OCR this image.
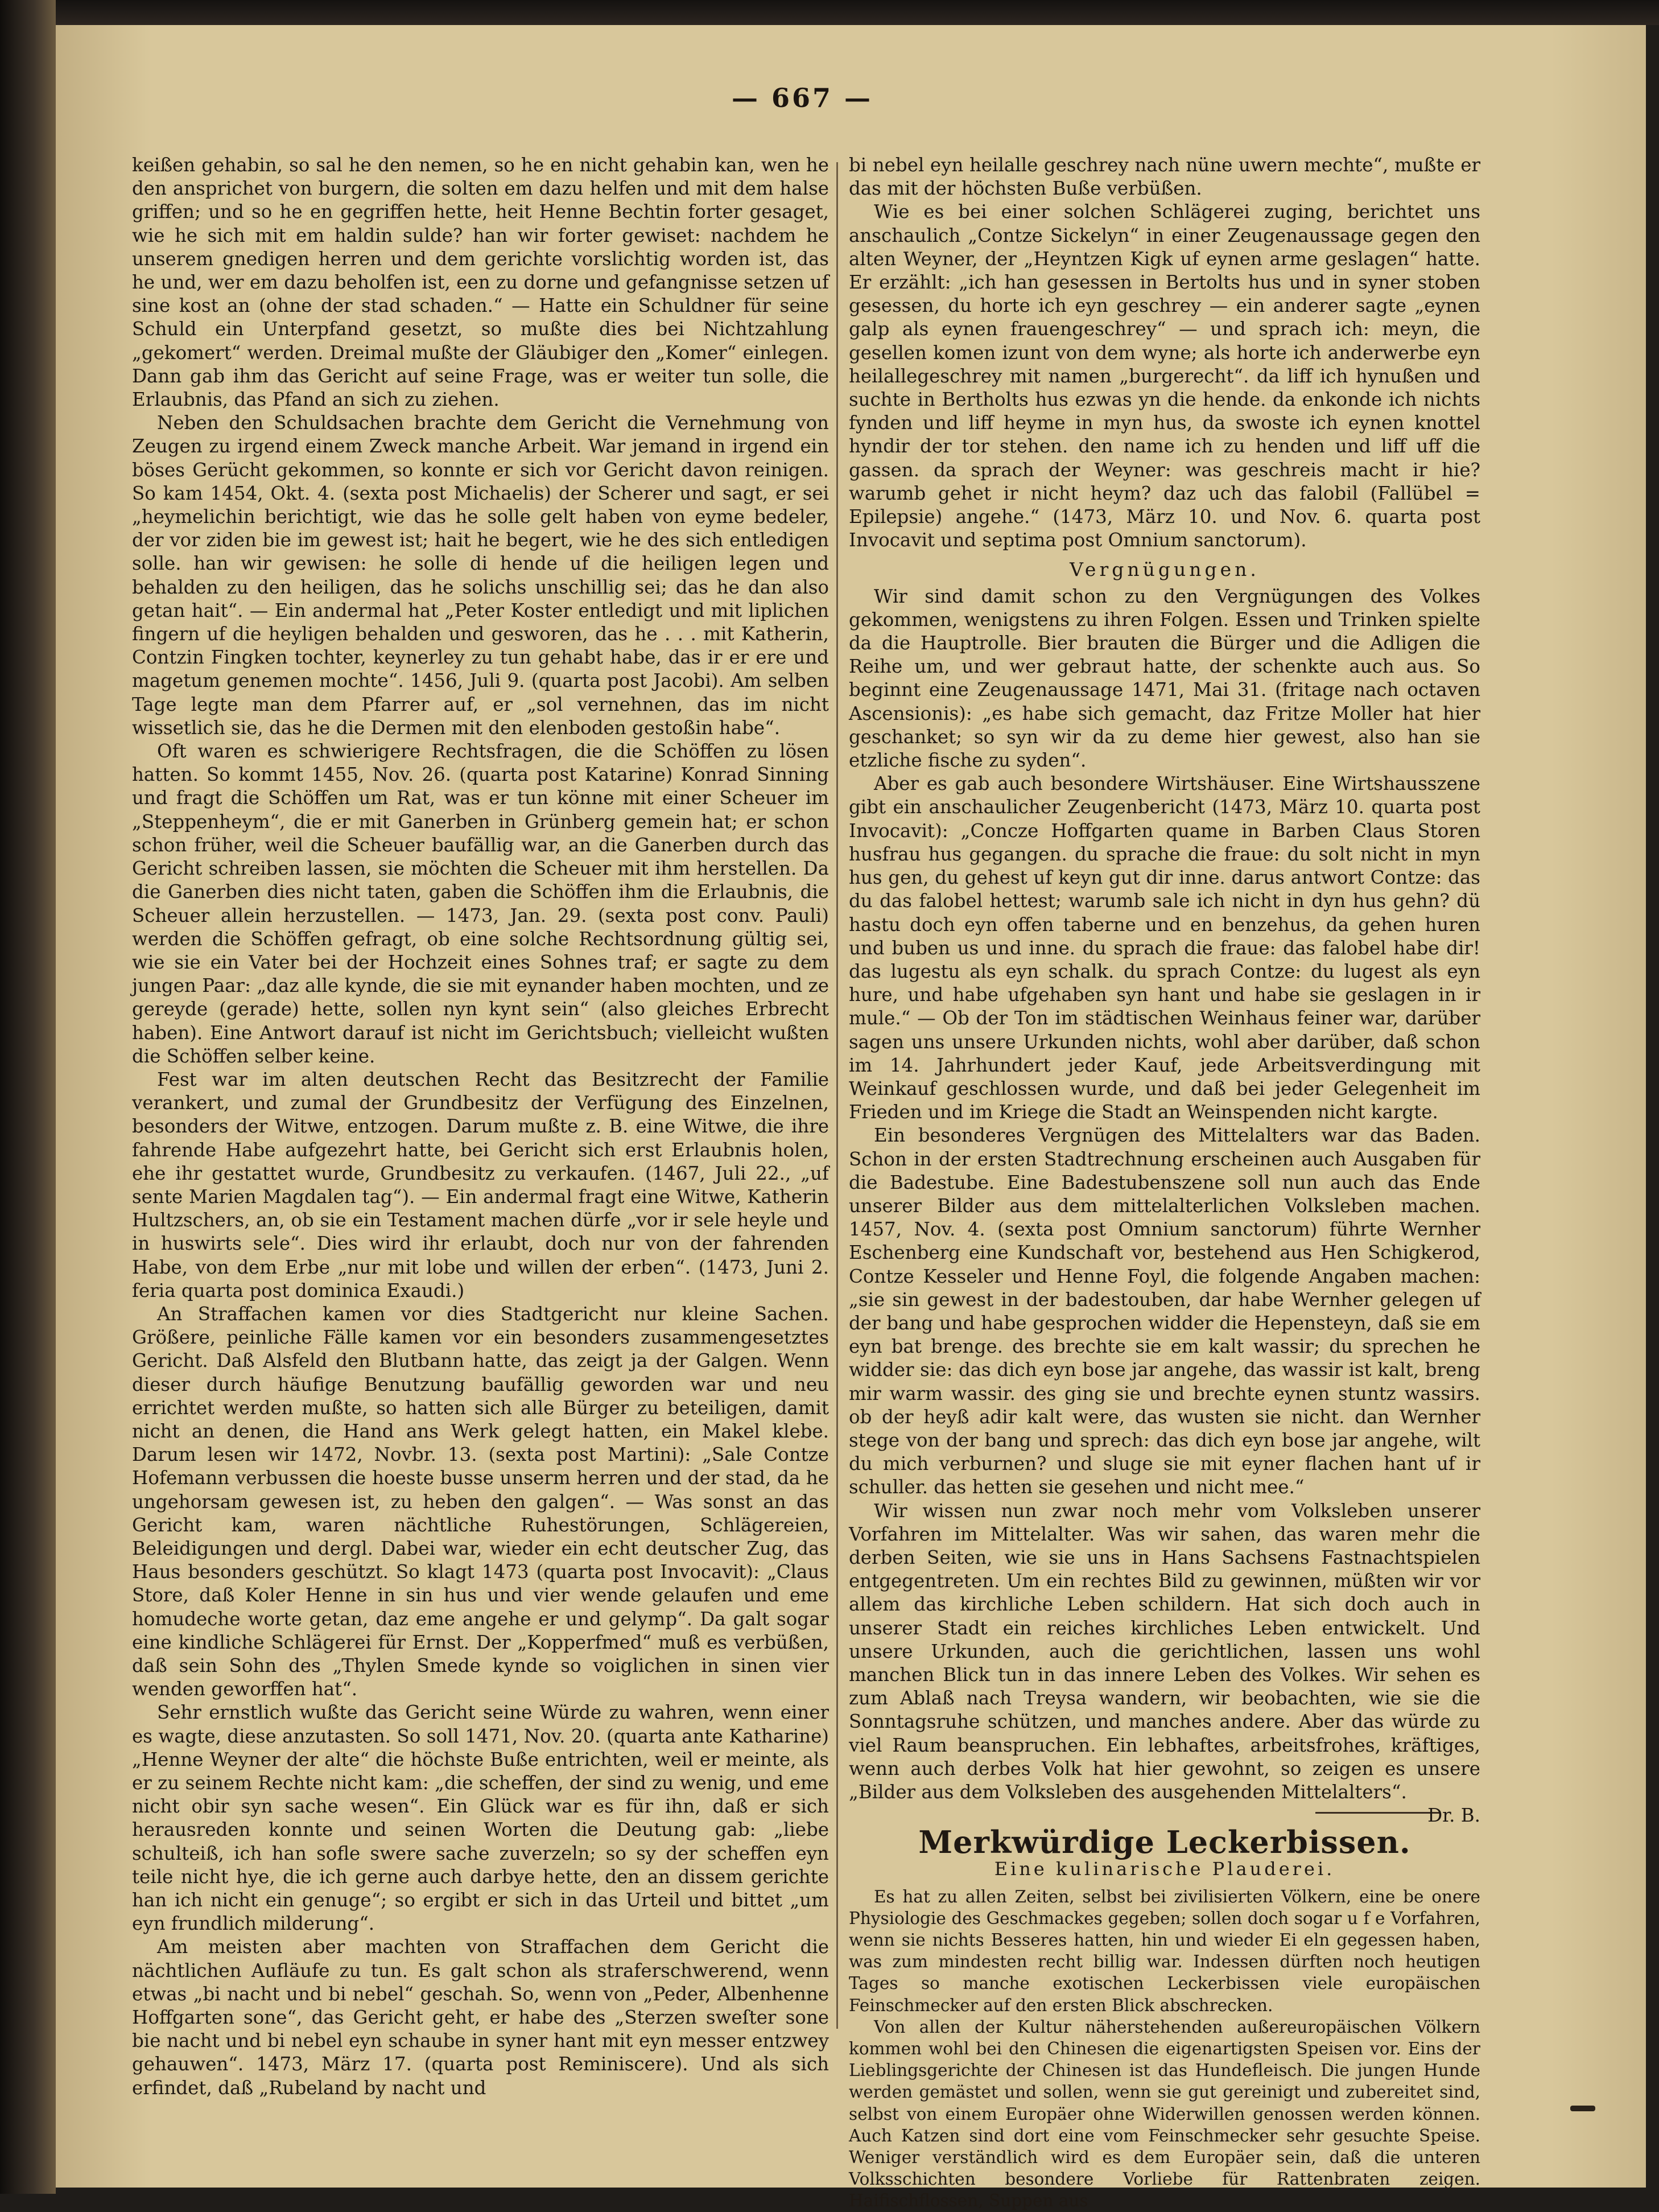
— 667 —

keißen gehabin, so sal he den nemen, so he en nicht gehabin kan, wen he den ansprichet von burgern, die solten em dazu helfen und mit dem halse griffen; und so he en gegriffen hette, heit Henne Bechtin forter gesaget, wie he sich mit em haldin sulde? han wir forter gewiset: nachdem he unserem gnedigen herren und dem gerichte vorslichtig worden ist, das he und, wer em dazu beholfen ist, een zu dorne und gefangnisse setzen uf sine kost an (ohne der stad schaden.“ — Hatte ein Schuldner für seine Schuld ein Unterpfand gesetzt, so mußte dies bei Nichtzahlung „gekomert“ werden. Dreimal mußte der Gläubiger den „Komer“ einlegen. Dann gab ihm das Gericht auf seine Frage, was er weiter tun solle, die Erlaubnis, das Pfand an sich zu ziehen.

Neben den Schuldsachen brachte dem Gericht die Vernehmung von Zeugen zu irgend einem Zweck manche Arbeit. War jemand in irgend ein böses Gerücht gekommen, so konnte er sich vor Gericht davon reinigen. So kam 1454, Okt. 4. (sexta post Michaelis) der Scherer und sagt, er sei „heymelichin berichtigt, wie das he solle gelt haben von eyme bedeler, der vor ziden bie im gewest ist; hait he begert, wie he des sich entledigen solle. han wir gewisen: he solle di hende uf die heiligen legen und behalden zu den heiligen, das he solichs unschillig sei; das he dan also getan hait“. — Ein andermal hat „Peter Koster entledigt und mit liplichen fingern uf die heyligen behalden und gesworen, das he . . . mit Katherin, Contzin Fingken tochter, keynerley zu tun gehabt habe, das ir er ere und magetum genemen mochte“. 1456, Juli 9. (quarta post Jacobi). Am selben Tage legte man dem Pfarrer auf, er „sol vernehnen, das im nicht wissetlich sie, das he die Dermen mit den elenboden gestoßin habe“.

Oft waren es schwierigere Rechtsfragen, die die Schöffen zu lösen hatten. So kommt 1455, Nov. 26. (quarta post Katarine) Konrad Sinning und fragt die Schöffen um Rat, was er tun könne mit einer Scheuer im „Steppenheym“, die er mit Ganerben in Grünberg gemein hat; er schon schon früher, weil die Scheuer baufällig war, an die Ganerben durch das Gericht schreiben lassen, sie möchten die Scheuer mit ihm herstellen. Da die Ganerben dies nicht taten, gaben die Schöffen ihm die Erlaubnis, die Scheuer allein herzustellen. — 1473, Jan. 29. (sexta post conv. Pauli) werden die Schöffen gefragt, ob eine solche Rechtsordnung gültig sei, wie sie ein Vater bei der Hochzeit eines Sohnes traf; er sagte zu dem jungen Paar: „daz alle kynde, die sie mit eynander haben mochten, und ze gereyde (gerade) hette, sollen nyn kynt sein“ (also gleiches Erbrecht haben). Eine Antwort darauf ist nicht im Gerichtsbuch; vielleicht wußten die Schöffen selber keine.

Fest war im alten deutschen Recht das Besitzrecht der Familie verankert, und zumal der Grundbesitz der Verfügung des Einzelnen, besonders der Witwe, entzogen. Darum mußte z. B. eine Witwe, die ihre fahrende Habe aufgezehrt hatte, bei Gericht sich erst Erlaubnis holen, ehe ihr gestattet wurde, Grundbesitz zu verkaufen. (1467, Juli 22., „uf sente Marien Magdalen tag“). — Ein andermal fragt eine Witwe, Katherin Hultzschers, an, ob sie ein Testament machen dürfe „vor ir sele heyle und in huswirts sele“. Dies wird ihr erlaubt, doch nur von der fahrenden Habe, von dem Erbe „nur mit lobe und willen der erben“. (1473, Juni 2. feria quarta post dominica Exaudi.)

An Straffachen kamen vor dies Stadtgericht nur kleine Sachen. Größere, peinliche Fälle kamen vor ein besonders zusammengesetztes Gericht. Daß Alsfeld den Blutbann hatte, das zeigt ja der Galgen. Wenn dieser durch häufige Benutzung baufällig geworden war und neu errichtet werden mußte, so hatten sich alle Bürger zu beteiligen, damit nicht an denen, die Hand ans Werk gelegt hatten, ein Makel klebe. Darum lesen wir 1472, Novbr. 13. (sexta post Martini): „Sale Contze Hofemann verbussen die hoeste busse unserm herren und der stad, da he ungehorsam gewesen ist, zu heben den galgen“. — Was sonst an das Gericht kam, waren nächtliche Ruhestörungen, Schlägereien, Beleidigungen und dergl. Dabei war, wieder ein echt deutscher Zug, das Haus besonders geschützt. So klagt 1473 (quarta post Invocavit): „Claus Store, daß Koler Henne in sin hus und vier wende gelaufen und eme homudeche worte getan, daz eme angehe er und gelymp“. Da galt sogar eine kindliche Schlägerei für Ernst. Der „Kopperfmed“ muß es verbüßen, daß sein Sohn des „Thylen Smede kynde so voiglichen in sinen vier wenden geworffen hat“.

Sehr ernstlich wußte das Gericht seine Würde zu wahren, wenn einer es wagte, diese anzutasten. So soll 1471, Nov. 20. (quarta ante Katharine) „Henne Weyner der alte“ die höchste Buße entrichten, weil er meinte, als er zu seinem Rechte nicht kam: „die scheffen, der sind zu wenig, und eme nicht obir syn sache wesen“. Ein Glück war es für ihn, daß er sich herausreden konnte und seinen Worten die Deutung gab: „liebe schulteiß, ich han sofle swere sache zuverzeln; so sy der scheffen eyn teile nicht hye, die ich gerne auch darbye hette, den an dissem gerichte han ich nicht ein genuge“; so ergibt er sich in das Urteil und bittet „um eyn frundlich milderung“.

Am meisten aber machten von Straffachen dem Gericht die nächtlichen Aufläufe zu tun. Es galt schon als straferschwerend, wenn etwas „bi nacht und bi nebel“ geschah. So, wenn von „Peder, Albenhenne Hoffgarten sone“, das Gericht geht, er habe des „Sterzen sweſter sone bie nacht und bi nebel eyn schaube in syner hant mit eyn messer entzwey gehauwen“. 1473, März 17. (quarta post Reminiscere). Und als sich erfindet, daß „Rubeland by nacht und

bi nebel eyn heilalle geschrey nach nüne uwern mechte“, mußte er das mit der höchsten Buße verbüßen.

Wie es bei einer solchen Schlägerei zuging, berichtet uns anschaulich „Contze Sickelyn“ in einer Zeugenaussage gegen den alten Weyner, der „Heyntzen Kigk uf eynen arme geslagen“ hatte. Er erzählt: „ich han gesessen in Bertolts hus und in syner stoben gesessen, du horte ich eyn geschrey — ein anderer sagte „eynen galp als eynen frauengeschrey“ — und sprach ich: meyn, die gesellen komen izunt von dem wyne; als horte ich anderwerbe eyn heilallegeschrey mit namen „burgerecht“. da liff ich hynußen und suchte in Bertholts hus ezwas yn die hende. da enkonde ich nichts fynden und liff heyme in myn hus, da swoste ich eynen knottel hyndir der tor stehen. den name ich zu henden und liff uff die gassen. da sprach der Weyner: was geschreis macht ir hie? warumb gehet ir nicht heym? daz uch das falobil (Fallübel = Epilepsie) angehe.“ (1473, März 10. und Nov. 6. quarta post Invocavit und septima post Omnium sanctorum).

Vergnügungen.

Wir sind damit schon zu den Vergnügungen des Volkes gekommen, wenigstens zu ihren Folgen. Essen und Trinken spielte da die Hauptrolle. Bier brauten die Bürger und die Adligen die Reihe um, und wer gebraut hatte, der schenkte auch aus. So beginnt eine Zeugenaussage 1471, Mai 31. (fritage nach octaven Ascensionis): „es habe sich gemacht, daz Fritze Moller hat hier geschanket; so syn wir da zu deme hier gewest, also han sie etzliche fische zu syden“.

Aber es gab auch besondere Wirtshäuser. Eine Wirtshausszene gibt ein anschaulicher Zeugenbericht (1473, März 10. quarta post Invocavit): „Concze Hoffgarten quame in Barben Claus Storen husfrau hus gegangen. du sprache die fraue: du solt nicht in myn hus gen, du gehest uf keyn gut dir inne. darus antwort Contze: das du das falobel hettest; warumb sale ich nicht in dyn hus gehn? dü hastu doch eyn offen taberne und en benzehus, da gehen huren und buben us und inne. du sprach die fraue: das falobel habe dir! das lugestu als eyn schalk. du sprach Contze: du lugest als eyn hure, und habe ufgehaben syn hant und habe sie geslagen in ir mule.“ — Ob der Ton im städtischen Weinhaus feiner war, darüber sagen uns unsere Urkunden nichts, wohl aber darüber, daß schon im 14. Jahrhundert jeder Kauf, jede Arbeitsverdingung mit Weinkauf geschlossen wurde, und daß bei jeder Gelegenheit im Frieden und im Kriege die Stadt an Weinspenden nicht kargte.

Ein besonderes Vergnügen des Mittelalters war das Baden. Schon in der ersten Stadtrechnung erscheinen auch Ausgaben für die Badestube. Eine Badestubenszene soll nun auch das Ende unserer Bilder aus dem mittelalterlichen Volksleben machen. 1457, Nov. 4. (sexta post Omnium sanctorum) führte Wernher Eschenberg eine Kundschaft vor, bestehend aus Hen Schigkerod, Contze Kesseler und Henne Foyl, die folgende Angaben machen: „sie sin gewest in der badestouben, dar habe Wernher gelegen uf der bang und habe gesprochen widder die Hepensteyn, daß sie em eyn bat brenge. des brechte sie em kalt wassir; du sprechen he widder sie: das dich eyn bose jar angehe, das wassir ist kalt, breng mir warm wassir. des ging sie und brechte eynen stuntz wassirs. ob der heyß adir kalt were, das wusten sie nicht. dan Wernher stege von der bang und sprech: das dich eyn bose jar angehe, wilt du mich verburnen? und sluge sie mit eyner flachen hant uf ir schuller. das hetten sie gesehen und nicht mee.“

Wir wissen nun zwar noch mehr vom Volksleben unserer Vorfahren im Mittelalter. Was wir sahen, das waren mehr die derben Seiten, wie sie uns in Hans Sachsens Fastnachtspielen entgegentreten. Um ein rechtes Bild zu gewinnen, müßten wir vor allem das kirchliche Leben schildern. Hat sich doch auch in unserer Stadt ein reiches kirchliches Leben entwickelt. Und unsere Urkunden, auch die gerichtlichen, lassen uns wohl manchen Blick tun in das innere Leben des Volkes. Wir sehen es zum Ablaß nach Treysa wandern, wir beobachten, wie sie die Sonntagsruhe schützen, und manches andere. Aber das würde zu viel Raum beanspruchen. Ein lebhaftes, arbeitsfrohes, kräftiges, wenn auch derbes Volk hat hier gewohnt, so zeigen es unsere „Bilder aus dem Volksleben des ausgehenden Mittelalters“.

Dr. B.
Merkwürdige Leckerbissen.
Eine kulinarische Plauderei.

Es hat zu allen Zeiten, selbst bei zivilisierten Völkern, eine be onere Physiologie des Geschmackes gegeben; sollen doch sogar u f e Vorfahren, wenn sie nichts Besseres hatten, hin und wieder Ei eln gegessen haben, was zum mindesten recht billig war. Indessen dürften noch heutigen Tages so manche exotischen Leckerbissen viele europäischen Feinschmecker auf den ersten Blick abschrecken.

Von allen der Kultur näherstehenden außereuropäischen Völkern kommen wohl bei den Chinesen die eigenartigsten Speisen vor. Eins der Lieblingsgerichte der Chinesen ist das Hundefleisch. Die jungen Hunde werden gemästet und sollen, wenn sie gut gereinigt und zubereitet sind, selbst von einem Europäer ohne Widerwillen genossen werden können. Auch Katzen sind dort eine vom Feinschmecker sehr gesuchte Speise. Weniger verständlich wird es dem Europäer sein, daß die unteren Volksschichten besondere Vorliebe für Rattenbraten zeigen. Haifischflossen, Suppen aus
